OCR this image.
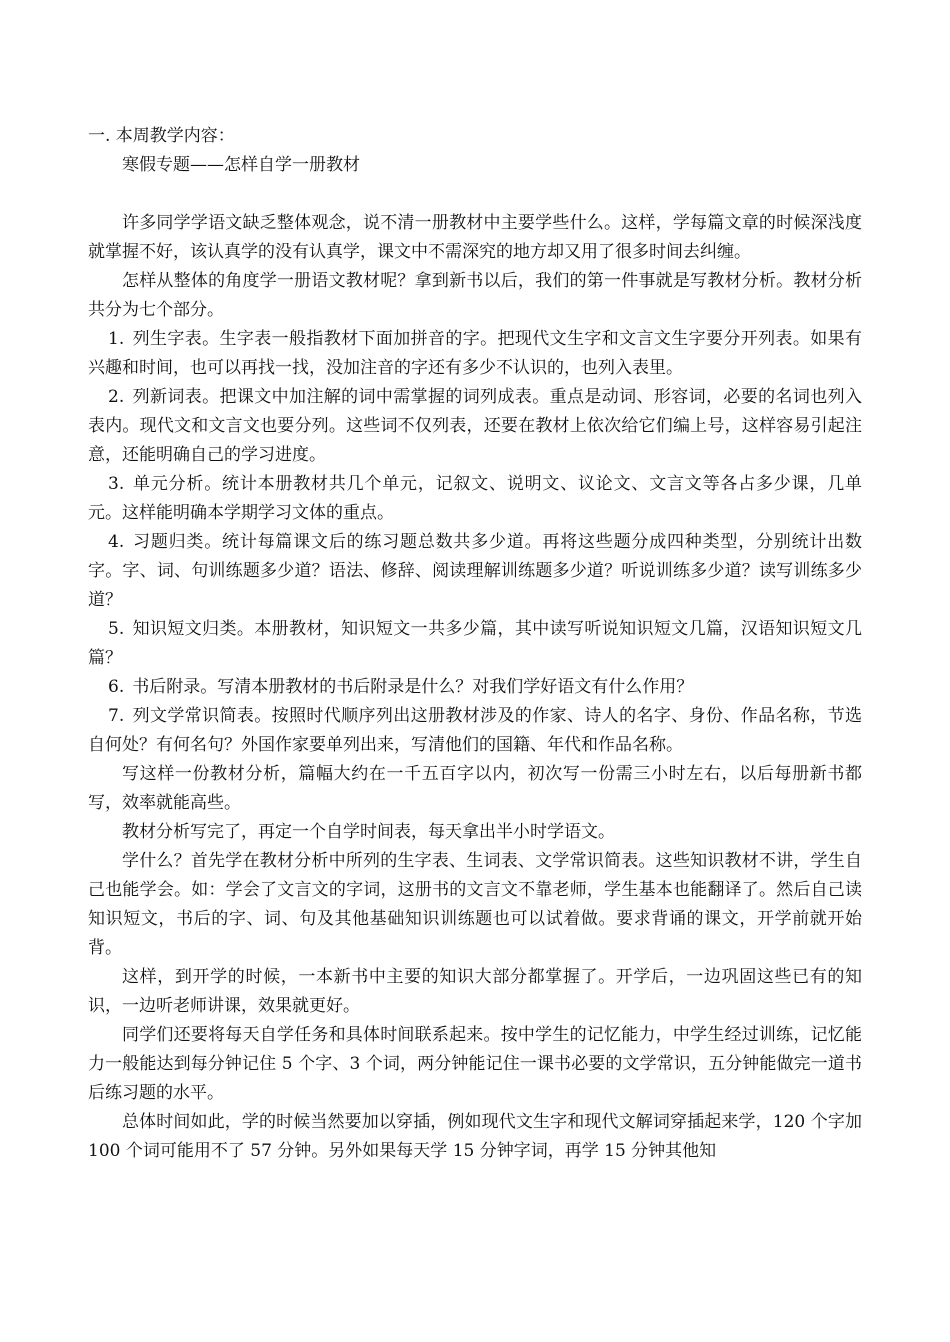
一. 本周教学内容：
寒假专题——怎样自学一册教材

许多同学学语文缺乏整体观念，说不清一册教材中主要学些什么。这样，学每篇文章的时候深浅度就掌握不好，该认真学的没有认真学，课文中不需深究的地方却又用了很多时间去纠缠。

怎样从整体的角度学一册语文教材呢？拿到新书以后，我们的第一件事就是写教材分析。教材分析共分为七个部分。

1. 列生字表。生字表一般指教材下面加拼音的字。把现代文生字和文言文生字要分开列表。如果有兴趣和时间，也可以再找一找，没加注音的字还有多少不认识的，也列入表里。

2. 列新词表。把课文中加注解的词中需掌握的词列成表。重点是动词、形容词，必要的名词也列入表内。现代文和文言文也要分列。这些词不仅列表，还要在教材上依次给它们编上号，这样容易引起注意，还能明确自己的学习进度。

3. 单元分析。统计本册教材共几个单元，记叙文、说明文、议论文、文言文等各占多少课，几单元。这样能明确本学期学习文体的重点。

4. 习题归类。统计每篇课文后的练习题总数共多少道。再将这些题分成四种类型，分别统计出数字。字、词、句训练题多少道？语法、修辞、阅读理解训练题多少道？听说训练多少道？读写训练多少道？

5. 知识短文归类。本册教材，知识短文一共多少篇，其中读写听说知识短文几篇，汉语知识短文几篇？

6. 书后附录。写清本册教材的书后附录是什么？对我们学好语文有什么作用？

7. 列文学常识简表。按照时代顺序列出这册教材涉及的作家、诗人的名字、身份、作品名称，节选自何处？有何名句？外国作家要单列出来，写清他们的国籍、年代和作品名称。

写这样一份教材分析，篇幅大约在一千五百字以内，初次写一份需三小时左右，以后每册新书都写，效率就能高些。

教材分析写完了，再定一个自学时间表，每天拿出半小时学语文。

学什么？首先学在教材分析中所列的生字表、生词表、文学常识简表。这些知识教材不讲，学生自己也能学会。如：学会了文言文的字词，这册书的文言文不靠老师，学生基本也能翻译了。然后自己读知识短文，书后的字、词、句及其他基础知识训练题也可以试着做。要求背诵的课文，开学前就开始背。

这样，到开学的时候，一本新书中主要的知识大部分都掌握了。开学后，一边巩固这些已有的知识，一边听老师讲课，效果就更好。

同学们还要将每天自学任务和具体时间联系起来。按中学生的记忆能力，中学生经过训练，记忆能力一般能达到每分钟记住 5 个字、3 个词，两分钟能记住一课书必要的文学常识，五分钟能做完一道书后练习题的水平。

总体时间如此，学的时候当然要加以穿插，例如现代文生字和现代文解词穿插起来学，120 个字加 100 个词可能用不了 57 分钟。另外如果每天学 15 分钟字词，再学 15 分钟其他知
